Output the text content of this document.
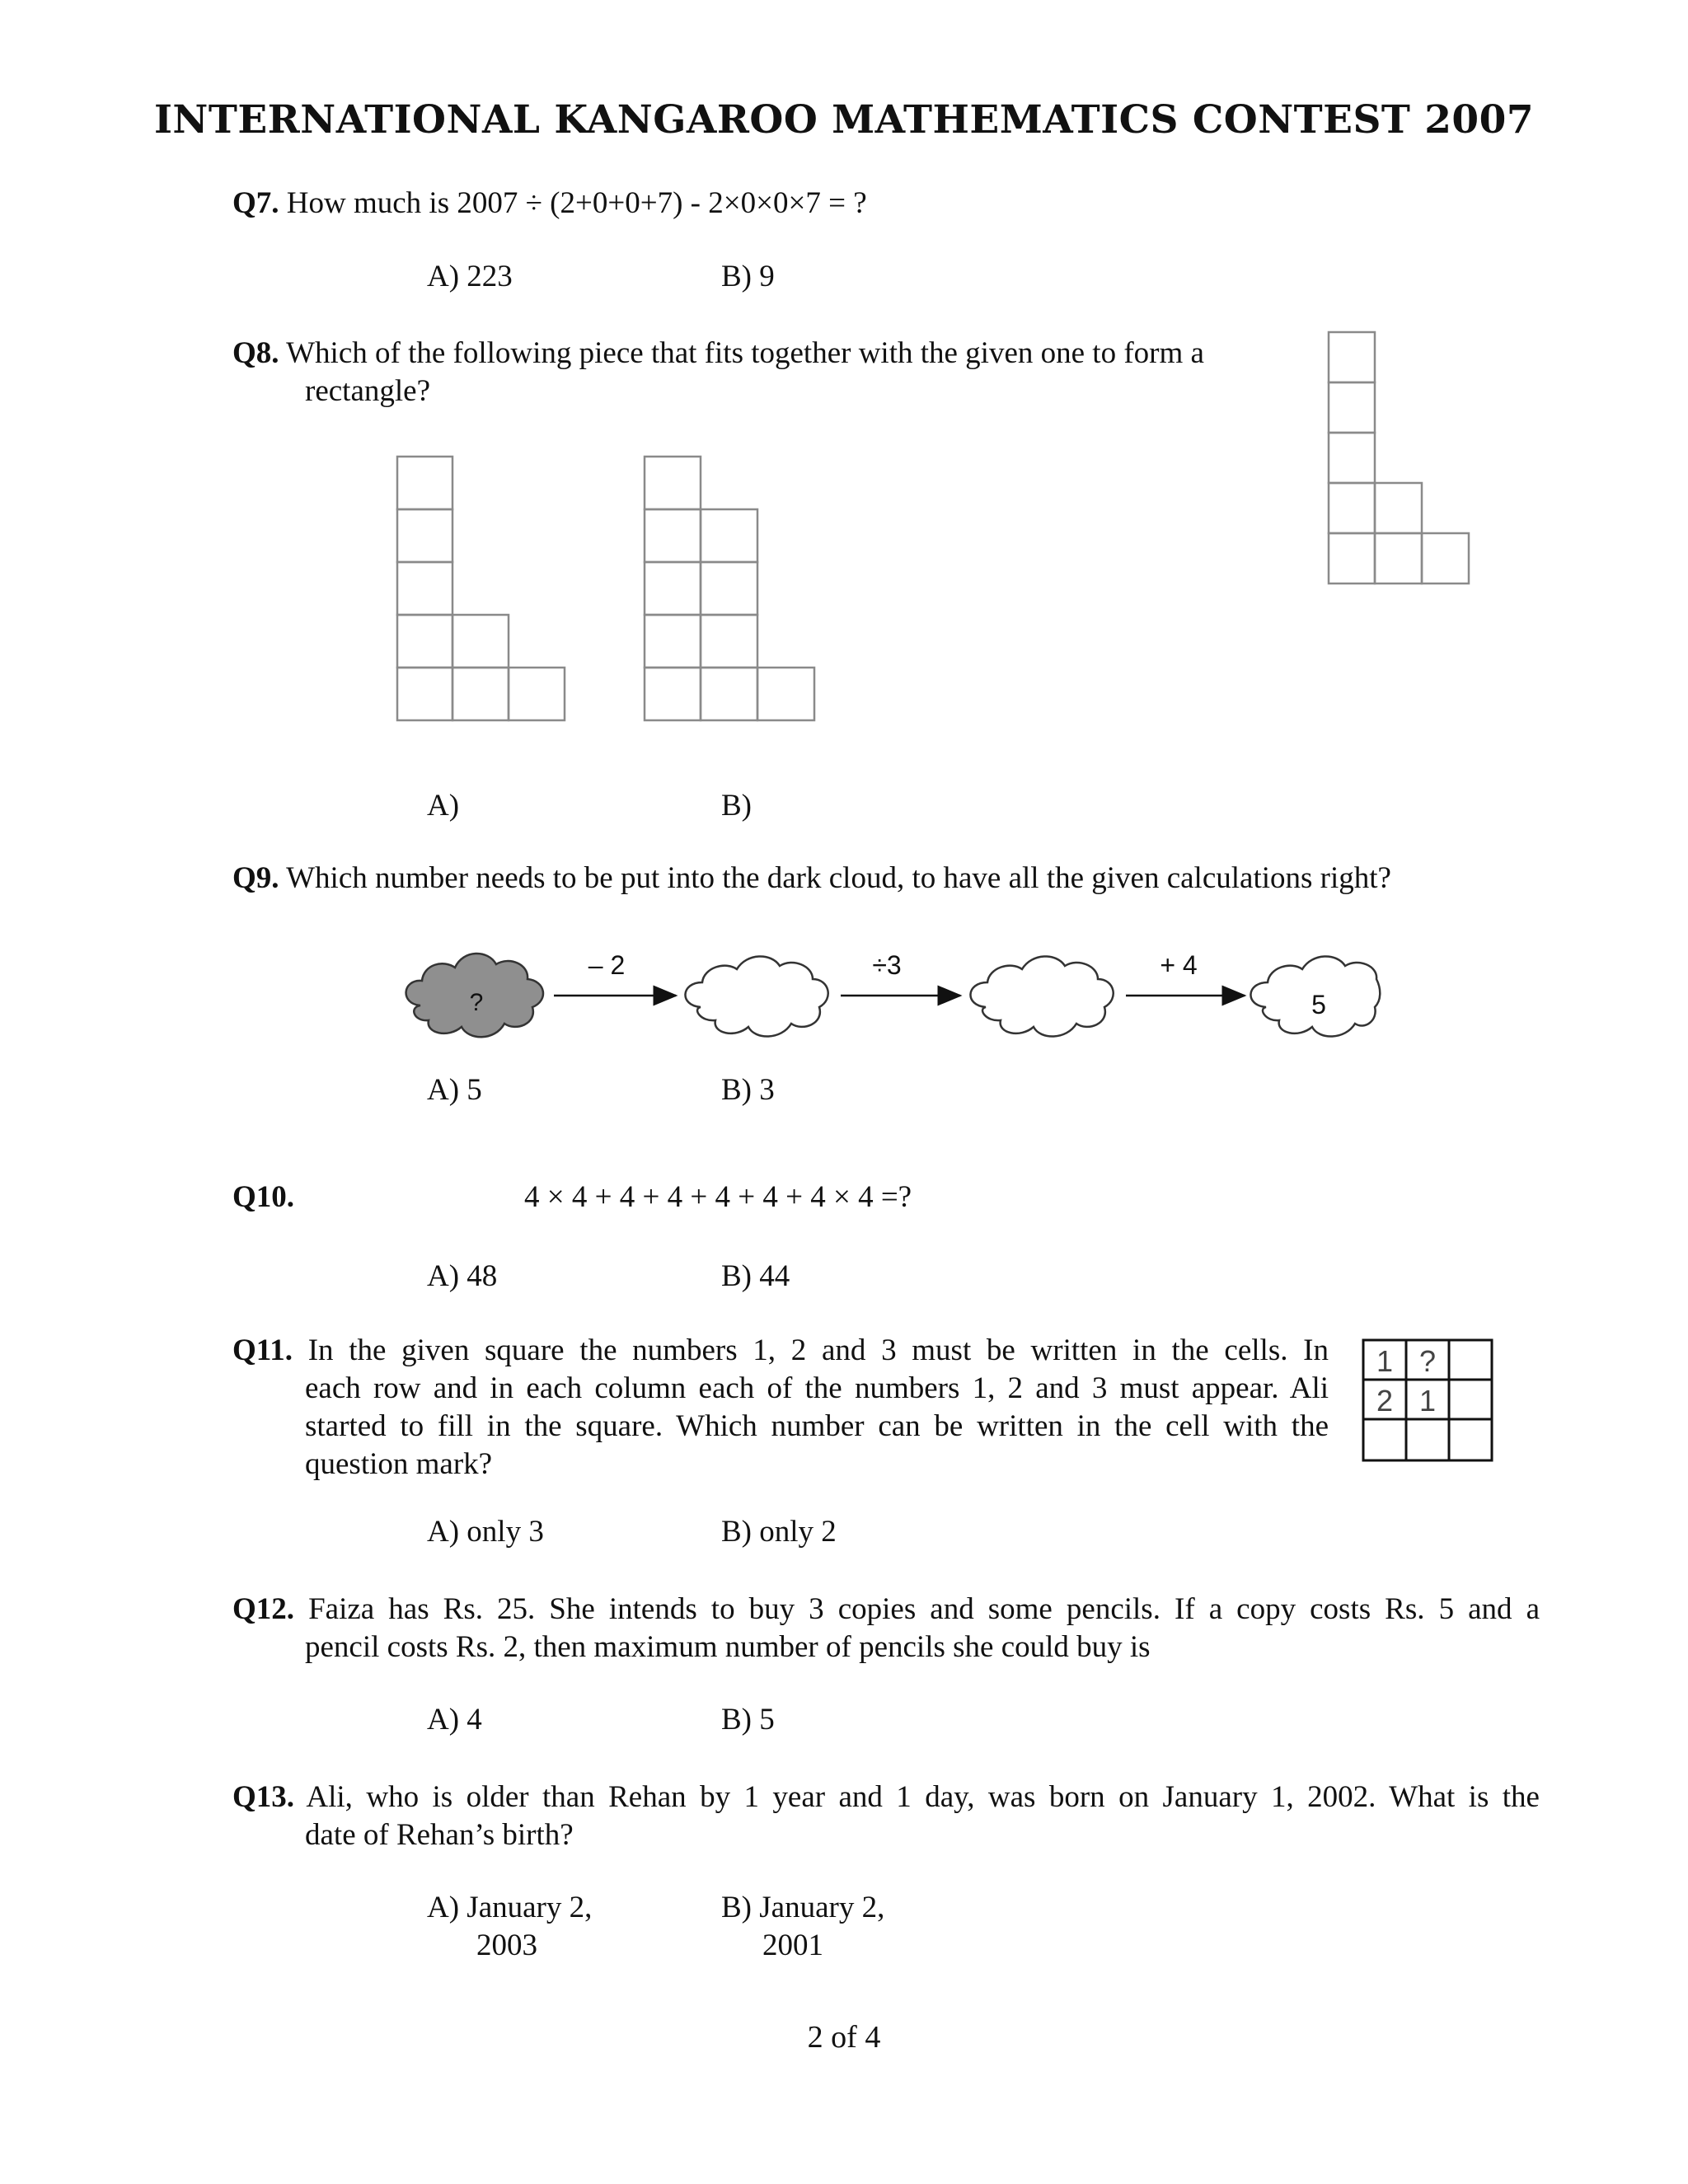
INTERNATIONAL KANGAROO MATHEMATICS CONTEST 2007
Q7. How much is 2007 ÷ (2+0+0+7) - 2×0×0×7 = ?
A) 223	B) 9
Q8. Which of the following piece that fits together with the given one to form a
rectangle?
A)	B)
Q9. Which number needs to be put into the dark cloud, to have all the given calculations right?
?
– 2	÷3	+ 4
5
A) 5	B) 3
Q10.	4 × 4 + 4 + 4 + 4 + 4 + 4 × 4 =?
A) 48	B) 44
Q11. In the given square the numbers 1, 2 and 3 must be written in the cells. In
each row and in each column each of the numbers 1, 2 and 3 must appear. Ali
started to fill in the square. Which number can be written in the cell with the
question mark?
1 ?
2 1
A) only 3	B) only 2
Q12. Faiza has Rs. 25. She intends to buy 3 copies and some pencils. If a copy costs Rs. 5 and a
pencil costs Rs. 2, then maximum number of pencils she could buy is
A) 4	B) 5
Q13. Ali, who is older than Rehan by 1 year and 1 day, was born on January 1, 2002. What is the
date of Rehan’s birth?
A) January 2,	B) January 2,
2003	2001
2 of 4
